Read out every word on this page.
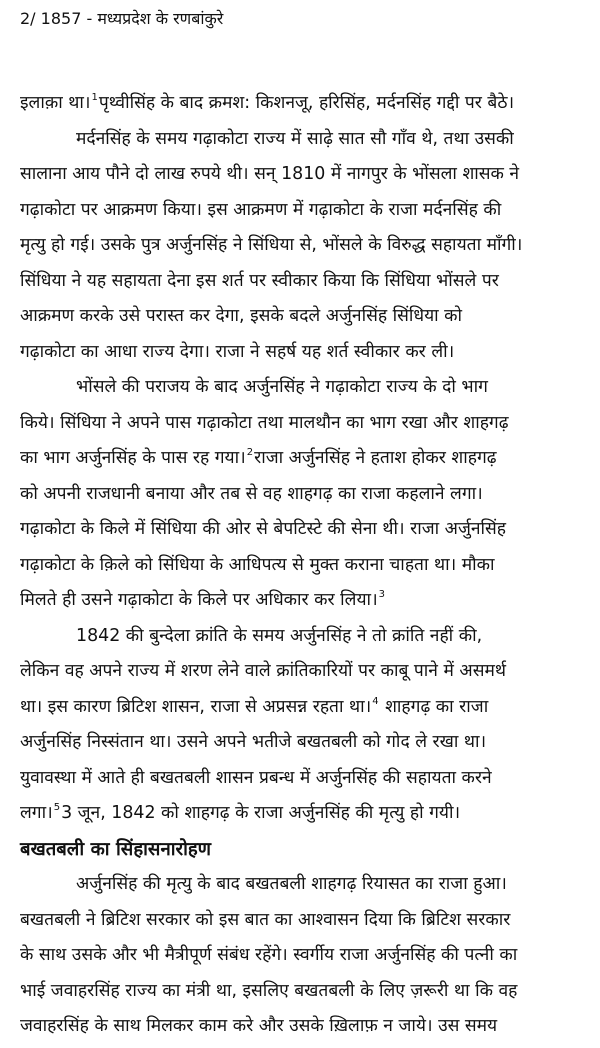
2/ 1857 - मध्यप्रदेश के रणबांकुरे
इलाक़ा था।$^1$पृथ्वीसिंह के बाद क्रमश: किशनजू, हरिसिंह, मर्दनसिंह गद्दी पर बैठे।
मर्दनसिंह के समय गढ़ाकोटा राज्य में साढ़े सात सौ गाँव थे, तथा उसकी
सालाना आय पौने दो लाख रुपये थी। सन् 1810 में नागपुर के भोंसला शासक ने
गढ़ाकोटा पर आक्रमण किया। इस आक्रमण में गढ़ाकोटा के राजा मर्दनसिंह की
मृत्यु हो गई। उसके पुत्र अर्जुनसिंह ने सिंधिया से, भोंसले के विरुद्ध सहायता माँगी।
सिंधिया ने यह सहायता देना इस शर्त पर स्वीकार किया कि सिंधिया भोंसले पर
आक्रमण करके उसे परास्त कर देगा, इसके बदले अर्जुनसिंह सिंधिया को
गढ़ाकोटा का आधा राज्य देगा। राजा ने सहर्ष यह शर्त स्वीकार कर ली।
भोंसले की पराजय के बाद अर्जुनसिंह ने गढ़ाकोटा राज्य के दो भाग
किये। सिंधिया ने अपने पास गढ़ाकोटा तथा मालथौन का भाग रखा और शाहगढ़
का भाग अर्जुनसिंह के पास रह गया।$^2$राजा अर्जुनसिंह ने हताश होकर शाहगढ़
को अपनी राजधानी बनाया और तब से वह शाहगढ़ का राजा कहलाने लगा।
गढ़ाकोटा के किले में सिंधिया की ओर से बेपटिस्टे की सेना थी। राजा अर्जुनसिंह
गढ़ाकोटा के क़िले को सिंधिया के आधिपत्य से मुक्त कराना चाहता था। मौका
मिलते ही उसने गढ़ाकोटा के किले पर अधिकार कर लिया।$^3$
1842 की बुन्देला क्रांति के समय अर्जुनसिंह ने तो क्रांति नहीं की,
लेकिन वह अपने राज्य में शरण लेने वाले क्रांतिकारियों पर काबू पाने में असमर्थ
था। इस कारण ब्रिटिश शासन, राजा से अप्रसन्न रहता था।$^4$ शाहगढ़ का राजा
अर्जुनसिंह निस्संतान था। उसने अपने भतीजे बखतबली को गोद ले रखा था।
युवावस्था में आते ही बखतबली शासन प्रबन्ध में अर्जुनसिंह की सहायता करने
लगा।$^5$3 जून, 1842 को शाहगढ़ के राजा अर्जुनसिंह की मृत्यु हो गयी।
बखतबली का सिंहासनारोहण
अर्जुनसिंह की मृत्यु के बाद बखतबली शाहगढ़ रियासत का राजा हुआ।
बखतबली ने ब्रिटिश सरकार को इस बात का आश्वासन दिया कि ब्रिटिश सरकार
के साथ उसके और भी मैत्रीपूर्ण संबंध रहेंगे। स्वर्गीय राजा अर्जुनसिंह की पत्नी का
भाई जवाहरसिंह राज्य का मंत्री था, इसलिए बखतबली के लिए ज़रूरी था कि वह
जवाहरसिंह के साथ मिलकर काम करे और उसके ख़िलाफ़ न जाये। उस समय
